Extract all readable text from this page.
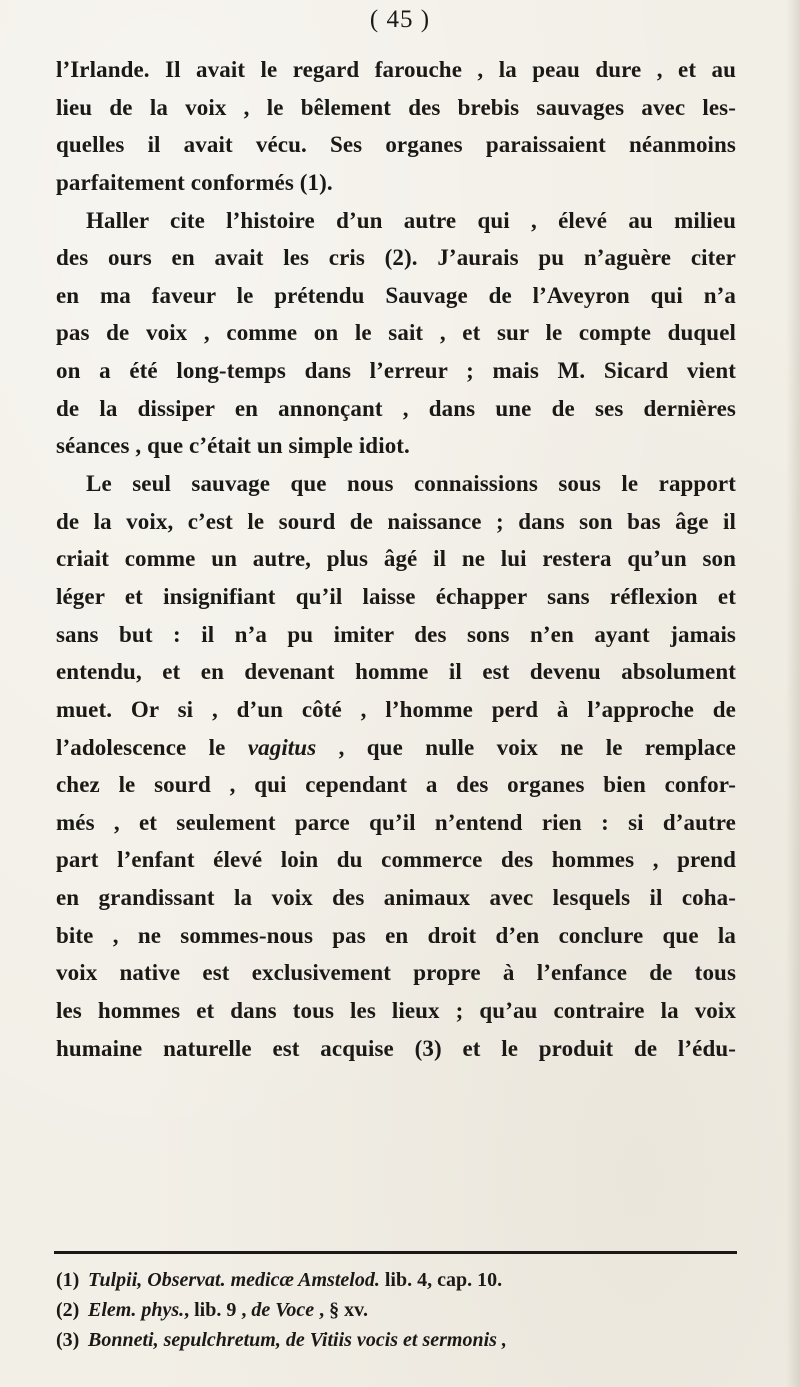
( 45 )
l’Irlande. Il avait le regard farouche , la peau dure , et au
lieu de la voix , le bêlement des brebis sauvages avec les-
quelles il avait vécu. Ses organes paraissaient néanmoins
parfaitement conformés (1).
Haller cite l’histoire d’un autre qui , élevé au milieu
des ours en avait les cris (2). J’aurais pu n’aguère citer
en ma faveur le prétendu Sauvage de l’Aveyron qui n’a
pas de voix , comme on le sait , et sur le compte duquel
on a été long-temps dans l’erreur ; mais M. Sicard vient
de la dissiper en annonçant , dans une de ses dernières
séances , que c’était un simple idiot.
Le seul sauvage que nous connaissions sous le rapport
de la voix, c’est le sourd de naissance ; dans son bas âge il
criait comme un autre, plus âgé il ne lui restera qu’un son
léger et insignifiant qu’il laisse échapper sans réflexion et
sans but : il n’a pu imiter des sons n’en ayant jamais
entendu, et en devenant homme il est devenu absolument
muet. Or si , d’un côté , l’homme perd à l’approche de
l’adolescence le vagitus , que nulle voix ne le remplace
chez le sourd , qui cependant a des organes bien confor-
més , et seulement parce qu’il n’entend rien : si d’autre
part l’enfant élevé loin du commerce des hommes , prend
en grandissant la voix des animaux avec lesquels il coha-
bite , ne sommes-nous pas en droit d’en conclure que la
voix native est exclusivement propre à l’enfance de tous
les hommes et dans tous les lieux ; qu’au contraire la voix
humaine naturelle est acquise (3) et le produit de l’édu-
(1) Tulpii, Observat. medicæ Amstelod. lib. 4, cap. 10.
(2) Elem. phys., lib. 9 , de Voce , § xv.
(3) Bonneti, sepulchretum, de Vitiis vocis et sermonis ,
